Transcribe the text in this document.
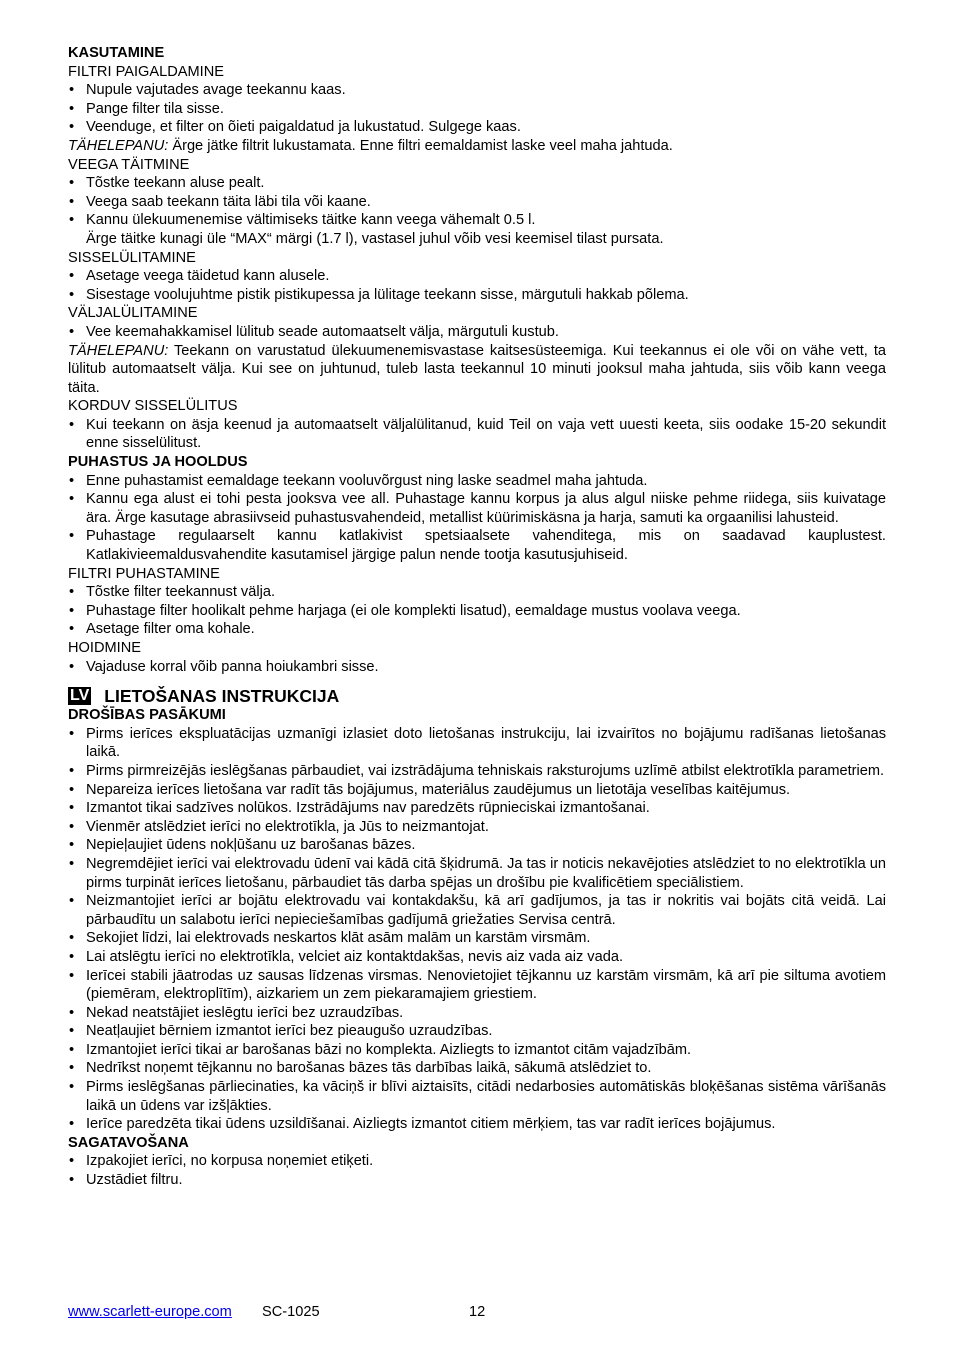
KASUTAMINE
FILTRI PAIGALDAMINE
• Nupule vajutades avage teekannu kaas.
• Pange filter tila sisse.
• Veenduge, et filter on õieti paigaldatud ja lukustatud. Sulgege kaas.
TÄHELEPANU: Ärge jätke filtrit lukustamata. Enne filtri eemaldamist laske veel maha jahtuda.
VEEGA TÄITMINE
• Tõstke teekann aluse pealt.
• Veega saab teekann täita läbi tila või kaane.
• Kannu ülekuumenemise vältimiseks täitke kann veega vähemalt 0.5 l.
Ärge täitke kunagi üle “MAX“ märgi (1.7 l), vastasel juhul võib vesi keemisel tilast pursata.
SISSELÜLITAMINE
• Asetage veega täidetud kann alusele.
• Sisestage voolujuhtme pistik pistikupessa ja lülitage teekann sisse, märgutuli hakkab põlema.
VÄLJALÜLITAMINE
• Vee keemahakkamisel lülitub seade automaatselt välja, märgutuli kustub.
TÄHELEPANU: Teekann on varustatud ülekuumenemisvastase kaitsesüsteemiga. Kui teekannus ei ole või on vähe vett, ta lülitub automaatselt välja. Kui see on juhtunud, tuleb lasta teekannul 10 minuti jooksul maha jahtuda, siis võib kann veega täita.
KORDUV SISSELÜLITUS
• Kui teekann on äsja keenud ja automaatselt väljalülitanud, kuid Teil on vaja vett uuesti keeta, siis oodake 15-20 sekundit enne sisselülitust.
PUHASTUS JA HOOLDUS
• Enne puhastamist eemaldage teekann vooluvõrgust ning laske seadmel maha jahtuda.
• Kannu ega alust ei tohi pesta jooksva vee all. Puhastage kannu korpus ja alus algul niiske pehme riidega, siis kuivatage ära. Ärge kasutage abrasiivseid puhastusvahendeid, metallist küürimiskäsna ja harja, samuti ka orgaanilisi lahusteid.
• Puhastage regulaarselt kannu katlakivist spetsiaalsete vahenditega, mis on saadavad kauplustest. Katlakivieemaldusvahendite kasutamisel järgige palun nende tootja kasutusjuhiseid.
FILTRI PUHASTAMINE
• Tõstke filter teekannust välja.
• Puhastage filter hoolikalt pehme harjaga (ei ole komplekti lisatud), eemaldage mustus voolava veega.
• Asetage filter oma kohale.
HOIDMINE
• Vajaduse korral võib panna hoiukambri sisse.
LV LIETOŠANAS INSTRUKCIJA
DROŠĪBAS PASĀKUMI
• Pirms ierīces ekspluatācijas uzmanīgi izlasiet doto lietošanas instrukciju, lai izvairītos no bojājumu radīšanas lietošanas laikā.
• Pirms pirmreizējās ieslēgšanas pārbaudiet, vai izstrādājuma tehniskais raksturojums uzlīmē atbilst elektrotīkla parametriem.
• Nepareiza ierīces lietošana var radīt tās bojājumus, materiālus zaudējumus un lietotāja veselības kaitējumus.
• Izmantot tikai sadzīves nolūkos. Izstrādājums nav paredzēts rūpnieciskai izmantošanai.
• Vienmēr atslēdziet ierīci no elektrotīkla, ja Jūs to neizmantojat.
• Nepieļaujiet ūdens nokļūšanu uz barošanas bāzes.
• Negremdējiet ierīci vai elektrovadu ūdenī vai kādā citā šķidrumā. Ja tas ir noticis nekavējoties atslēdziet to no elektrotīkla un pirms turpināt ierīces lietošanu, pārbaudiet tās darba spējas un drošību pie kvalificētiem speciālistiem.
• Neizmantojiet ierīci ar bojātu elektrovadu vai kontakdakšu, kā arī gadījumos, ja tas ir nokritis vai bojāts citā veidā. Lai pārbaudītu un salabotu ierīci nepieciešamības gadījumā griežaties Servisa centrā.
• Sekojiet līdzi, lai elektrovads neskartos klāt asām malām un karstām virsmām.
• Lai atslēgtu ierīci no elektrotīkla, velciet aiz kontaktdakšas, nevis aiz vada aiz vada.
• Ierīcei stabili jāatrodas uz sausas līdzenas virsmas. Nenovietojiet tējkannu uz karstām virsmām, kā arī pie siltuma avotiem (piemēram, elektroplītīm), aizkariem un zem piekaramajiem griestiem.
• Nekad neatstājiet ieslēgtu ierīci bez uzraudzības.
• Neatļaujiet bērniem izmantot ierīci bez pieaugušo uzraudzības.
• Izmantojiet ierīci tikai ar barošanas bāzi no komplekta. Aizliegts to izmantot citām vajadzībām.
• Nedrīkst noņemt tējkannu no barošanas bāzes tās darbības laikā, sākumā atslēdziet to.
• Pirms ieslēgšanas pārliecinaties, ka vāciņš ir blīvi aiztaisīts, citādi nedarbosies automātiskās bloķēšanas sistēma vārīšanās laikā un ūdens var izšļākties.
• Ierīce paredzēta tikai ūdens uzsildīšanai. Aizliegts izmantot citiem mērķiem, tas var radīt ierīces bojājumus.
SAGATAVOŠANA
• Izpakojiet ierīci, no korpusa noņemiet etiķeti.
• Uzstādiet filtru.
www.scarlett-europe.com SC-1025	12
